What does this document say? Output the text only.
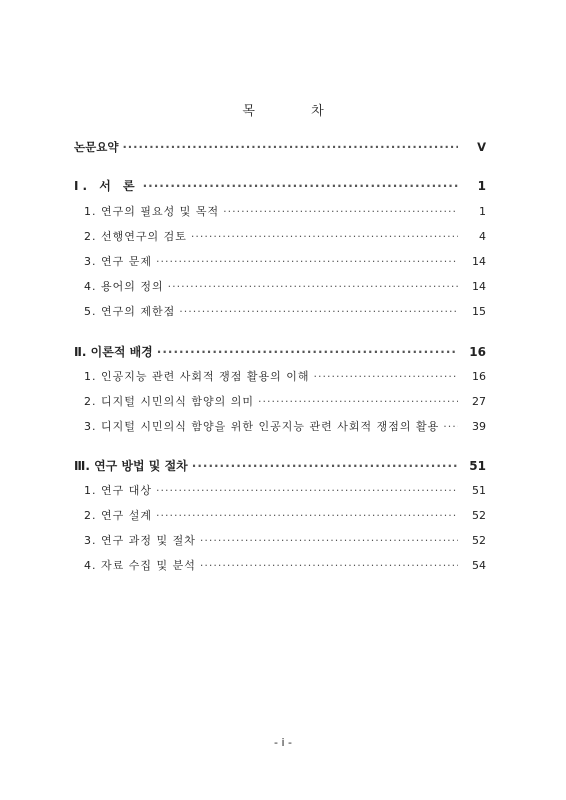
목 차
논문요약 ·····	Ⅴ
Ⅰ. 서 론 ·····	1
1. 연구의 필요성 및 목적 ·····	1
2. 선행연구의 검토 ·····	4
3. 연구 문제 ·····	14
4. 용어의 정의 ·····	14
5. 연구의 제한점 ·····	15
Ⅱ. 이론적 배경 ·····	16
1. 인공지능 관련 사회적 쟁점 활용의 이해 ·····	16
2. 디지털 시민의식 함양의 의미 ·····	27
3. 디지털 시민의식 함양을 위한 인공지능 관련 사회적 쟁점의 활용 ·····	39
Ⅲ. 연구 방법 및 절차 ·····	51
1. 연구 대상 ·····	51
2. 연구 설계 ·····	52
3. 연구 과정 및 절차 ·····	52
4. 자료 수집 및 분석 ·····	54
- i -
